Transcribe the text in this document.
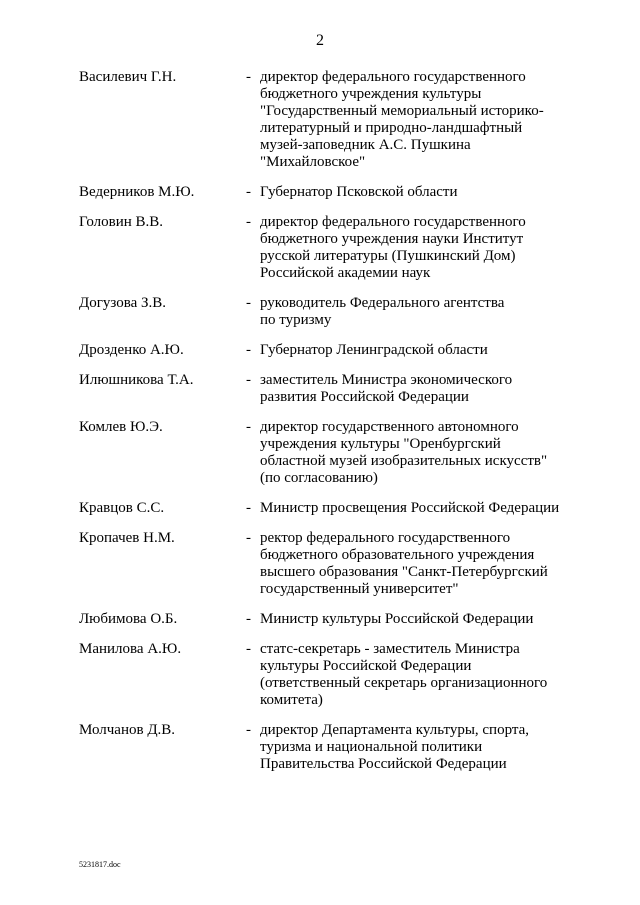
2
Василевич Г.Н.	- директор федерального государственного
бюджетного учреждения культуры
"Государственный мемориальный историко-
литературный и природно-ландшафтный
музей-заповедник А.С. Пушкина
"Михайловское"
Ведерников М.Ю.	- Губернатор Псковской области
Головин В.В.	- директор федерального государственного
бюджетного учреждения науки Институт
русской литературы (Пушкинский Дом)
Российской академии наук
Догузова З.В.	- руководитель Федерального агентства
по туризму
Дрозденко А.Ю.	- Губернатор Ленинградской области
Илюшникова Т.А.	- заместитель Министра экономического
развития Российской Федерации
Комлев Ю.Э.	- директор государственного автономного
учреждения культуры "Оренбургский
областной музей изобразительных искусств"
(по согласованию)
Кравцов С.С.	- Министр просвещения Российской Федерации
Кропачев Н.М.	- ректор федерального государственного
бюджетного образовательного учреждения
высшего образования "Санкт-Петербургский
государственный университет"
Любимова О.Б.	- Министр культуры Российской Федерации
Манилова А.Ю.	- статс-секретарь - заместитель Министра
культуры Российской Федерации
(ответственный секретарь организационного
комитета)
Молчанов Д.В.	- директор Департамента культуры, спорта,
туризма и национальной политики
Правительства Российской Федерации
5231817.doc
